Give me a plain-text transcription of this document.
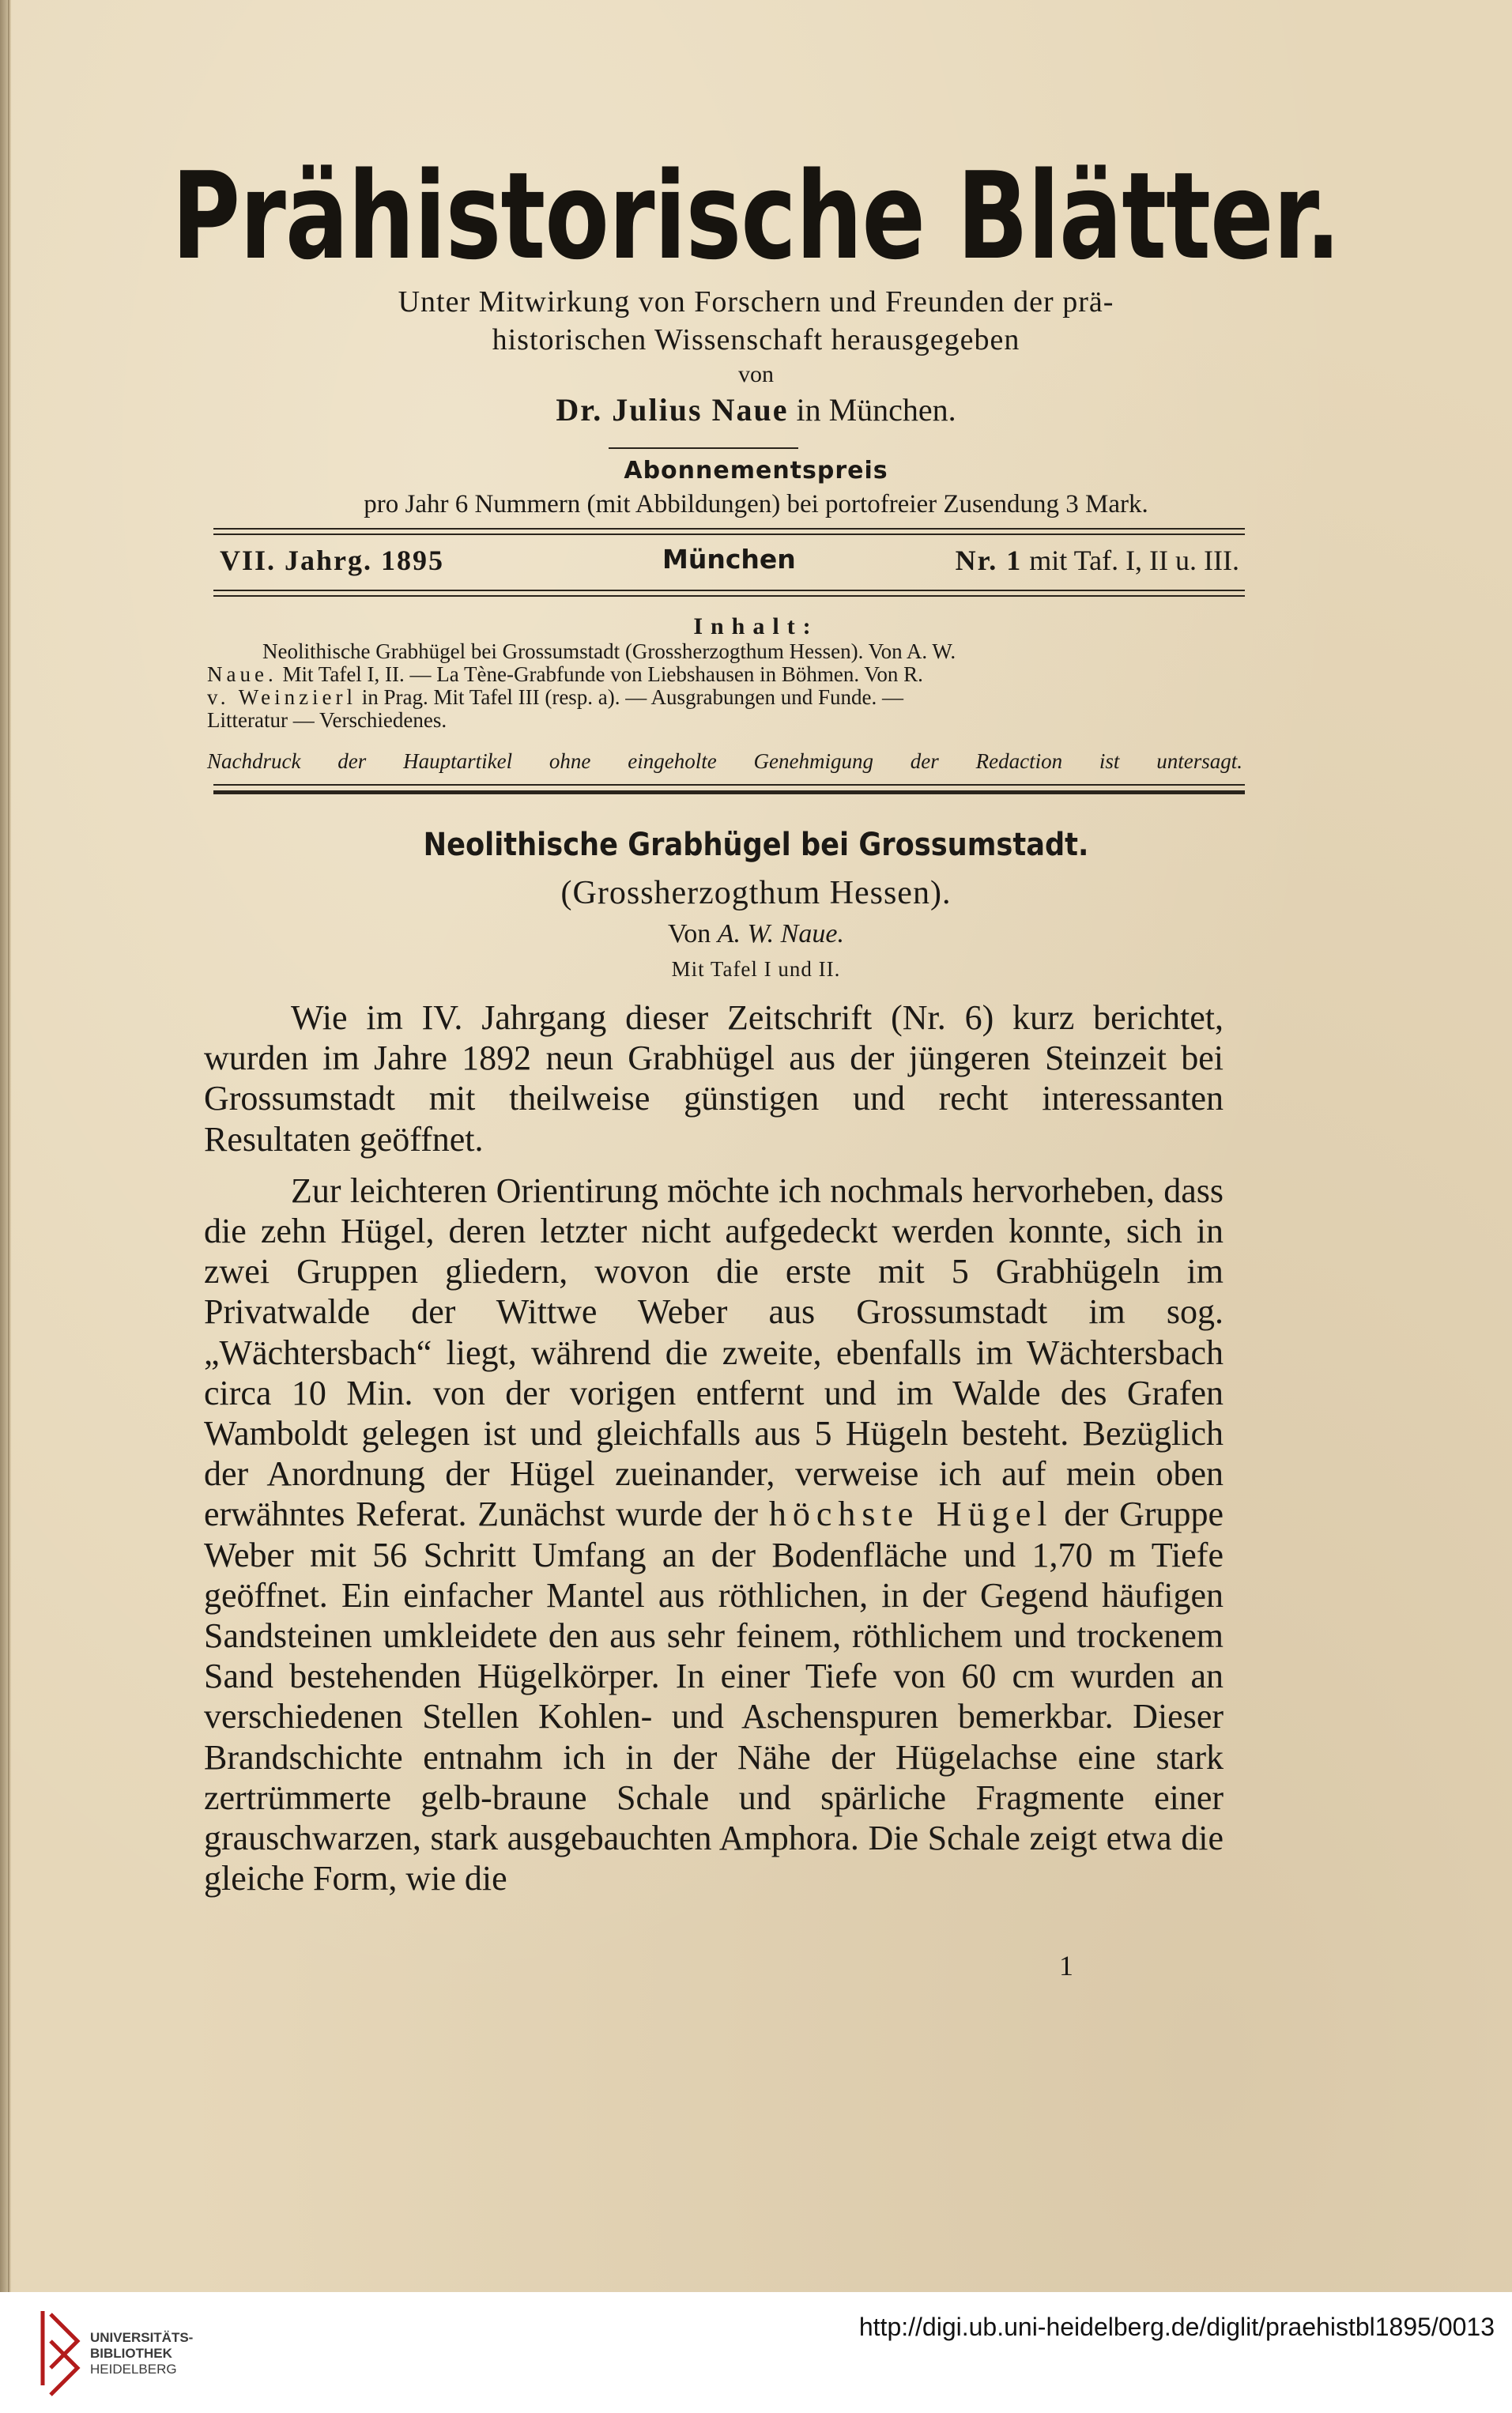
Prähistorische Blätter.
Unter Mitwirkung von Forschern und Freunden der prä-
historischen Wissenschaft herausgegeben
von
Dr. Julius Naue in München.
Abonnementspreis
pro Jahr 6 Nummern (mit Abbildungen) bei portofreier Zusendung 3 Mark.
VII. Jahrg. 1895	München	Nr. 1 mit Taf. I, II u. III.
Inhalt:
Neolithische Grabhügel bei Grossumstadt (Grossherzogthum Hessen). Von A. W.
Naue. Mit Tafel I, II. — La Tène-Grabfunde von Liebshausen in Böhmen. Von R.
v. Weinzierl in Prag. Mit Tafel III (resp. a). — Ausgrabungen und Funde. —
Litteratur — Verschiedenes.
Nachdruck der Hauptartikel ohne eingeholte Genehmigung der Redaction ist untersagt.
Neolithische Grabhügel bei Grossumstadt.
(Grossherzogthum Hessen).
Von A. W. Naue.
Mit Tafel I und II.

Wie im IV. Jahrgang dieser Zeitschrift (Nr. 6) kurz berichtet, wurden im Jahre 1892 neun Grabhügel aus der jüngeren Steinzeit bei Grossumstadt mit theilweise günstigen und recht interessanten Resultaten geöffnet.

Zur leichteren Orientirung möchte ich nochmals hervorheben, dass die zehn Hügel, deren letzter nicht aufgedeckt werden konnte, sich in zwei Gruppen gliedern, wovon die erste mit 5 Grabhügeln im Privatwalde der Wittwe Weber aus Grossumstadt im sog. „Wächtersbach“ liegt, während die zweite, ebenfalls im Wächtersbach circa 10 Min. von der vorigen entfernt und im Walde des Grafen Wamboldt gelegen ist und gleichfalls aus 5 Hügeln besteht. Bezüglich der Anordnung der Hügel zueinander, verweise ich auf mein oben erwähntes Referat. Zunächst wurde der höchste Hügel der Gruppe Weber mit 56 Schritt Umfang an der Bodenfläche und 1,70 m Tiefe geöffnet. Ein einfacher Mantel aus röthlichen, in der Gegend häufigen Sandsteinen umkleidete den aus sehr feinem, röthlichem und trockenem Sand bestehenden Hügelkörper. In einer Tiefe von 60 cm wurden an verschiedenen Stellen Kohlen- und Aschenspuren bemerkbar. Dieser Brandschichte entnahm ich in der Nähe der Hügelachse eine stark zertrümmerte gelb-braune Schale und spärliche Fragmente einer grauschwarzen, stark ausgebauchten Amphora. Die Schale zeigt etwa die gleiche Form, wie die

1
UNIVERSITÄTS-
BIBLIOTHEK
HEIDELBERG
http://digi.ub.uni-heidelberg.de/diglit/praehistbl1895/0013
